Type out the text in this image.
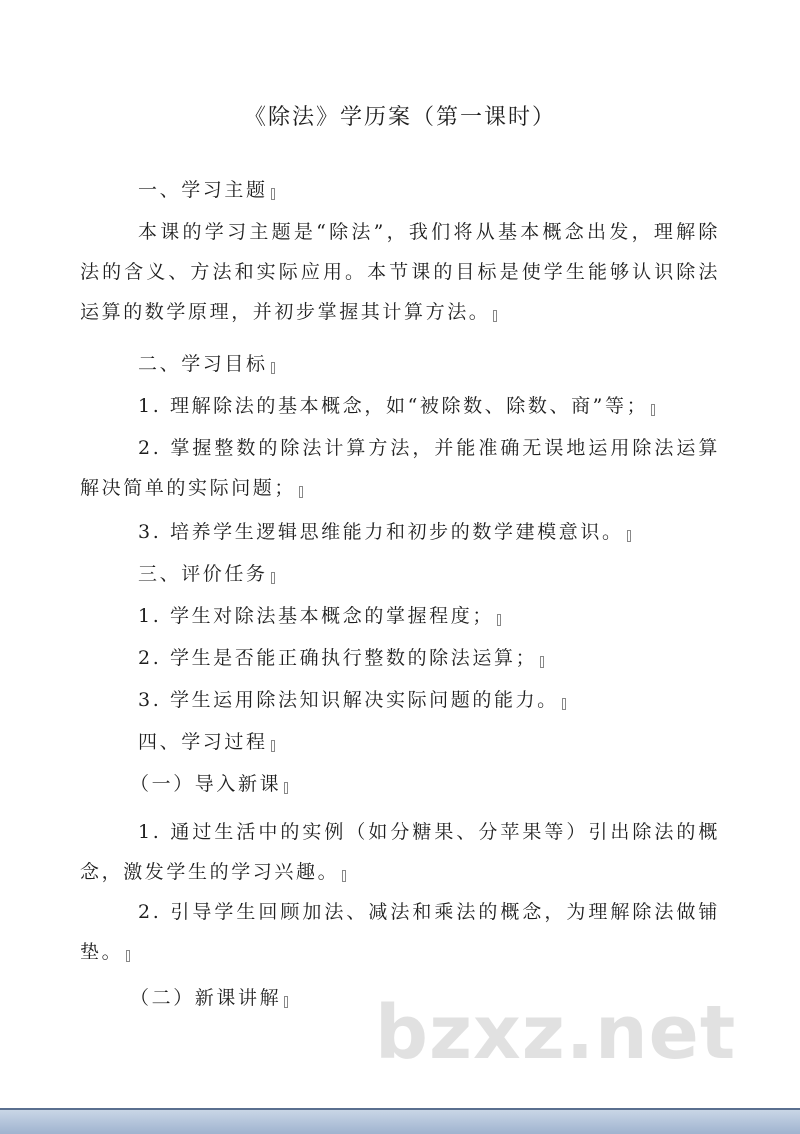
《除法》学历案（第一课时）
一、学习主题
本课的学习主题是“除法”，我们将从基本概念出发，理解除法的含义、方法和实际应用。本节课的目标是使学生能够认识除法运算的数学原理，并初步掌握其计算方法。
二、学习目标
1. 理解除法的基本概念，如“被除数、除数、商”等；
2. 掌握整数的除法计算方法，并能准确无误地运用除法运算解决简单的实际问题；
3. 培养学生逻辑思维能力和初步的数学建模意识。
三、评价任务
1. 学生对除法基本概念的掌握程度；
2. 学生是否能正确执行整数的除法运算；
3. 学生运用除法知识解决实际问题的能力。
四、学习过程
（一）导入新课
1. 通过生活中的实例（如分糖果、分苹果等）引出除法的概念，激发学生的学习兴趣。
2. 引导学生回顾加法、减法和乘法的概念，为理解除法做铺垫。
（二）新课讲解	bzxz.net
